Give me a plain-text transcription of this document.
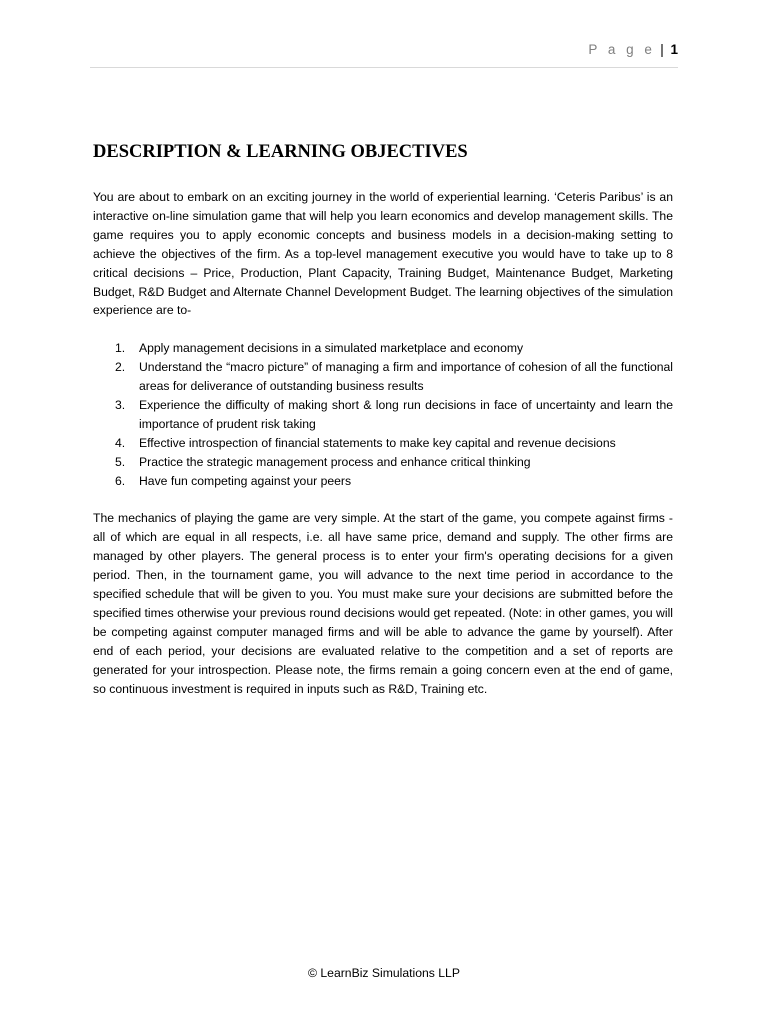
P a g e | 1
DESCRIPTION & LEARNING OBJECTIVES

You are about to embark on an exciting journey in the world of experiential learning. ‘Ceteris Paribus’ is an interactive on-line simulation game that will help you learn economics and develop management skills. The game requires you to apply economic concepts and business models in a decision-making setting to achieve the objectives of the firm. As a top-level management executive you would have to take up to 8 critical decisions – Price, Production, Plant Capacity, Training Budget, Maintenance Budget, Marketing Budget, R&D Budget and Alternate Channel Development Budget. The learning objectives of the simulation experience are to-

1. Apply management decisions in a simulated marketplace and economy
2. Understand the “macro picture” of managing a firm and importance of cohesion of all the functional areas for deliverance of outstanding business results
3. Experience the difficulty of making short & long run decisions in face of uncertainty and learn the importance of prudent risk taking
4. Effective introspection of financial statements to make key capital and revenue decisions
5. Practice the strategic management process and enhance critical thinking
6. Have fun competing against your peers

The mechanics of playing the game are very simple. At the start of the game, you compete against firms - all of which are equal in all respects, i.e. all have same price, demand and supply. The other firms are managed by other players. The general process is to enter your firm's operating decisions for a given period. Then, in the tournament game, you will advance to the next time period in accordance to the specified schedule that will be given to you. You must make sure your decisions are submitted before the specified times otherwise your previous round decisions would get repeated. (Note: in other games, you will be competing against computer managed firms and will be able to advance the game by yourself). After end of each period, your decisions are evaluated relative to the competition and a set of reports are generated for your introspection. Please note, the firms remain a going concern even at the end of game, so continuous investment is required in inputs such as R&D, Training etc.

© LearnBiz Simulations LLP
